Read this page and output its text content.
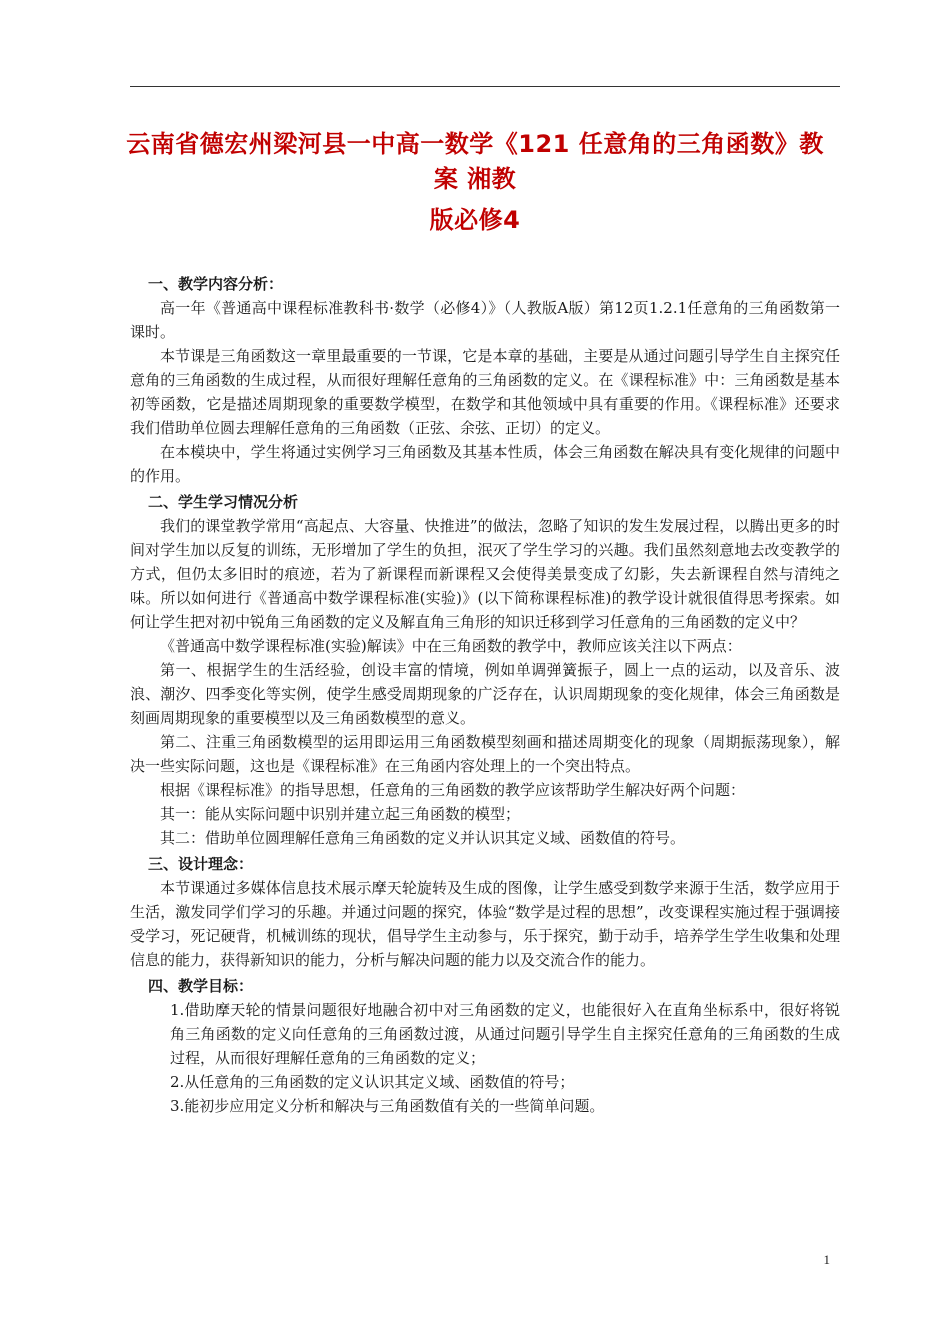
云南省德宏州梁河县一中高一数学《121 任意角的三角函数》教案 湘教
版必修4
一、教学内容分析：

高一年《普通高中课程标准教科书·数学（必修4）》（人教版A版）第12页1.2.1任意角的三角函数第一课时。

本节课是三角函数这一章里最重要的一节课，它是本章的基础，主要是从通过问题引导学生自主探究任意角的三角函数的生成过程，从而很好理解任意角的三角函数的定义。在《课程标准》中：三角函数是基本初等函数，它是描述周期现象的重要数学模型，在数学和其他领域中具有重要的作用。《课程标准》还要求我们借助单位圆去理解任意角的三角函数（正弦、余弦、正切）的定义。

在本模块中，学生将通过实例学习三角函数及其基本性质，体会三角函数在解决具有变化规律的问题中的作用。

二、学生学习情况分析

我们的课堂教学常用“高起点、大容量、快推进”的做法，忽略了知识的发生发展过程，以腾出更多的时间对学生加以反复的训练，无形增加了学生的负担，泯灭了学生学习的兴趣。我们虽然刻意地去改变教学的方式，但仍太多旧时的痕迹，若为了新课程而新课程又会使得美景变成了幻影，失去新课程自然与清纯之味。所以如何进行《普通高中数学课程标准(实验)》(以下简称课程标准)的教学设计就很值得思考探索。如何让学生把对初中锐角三角函数的定义及解直角三角形的知识迁移到学习任意角的三角函数的定义中？

《普通高中数学课程标准(实验)解读》中在三角函数的教学中，教师应该关注以下两点：

第一、根据学生的生活经验，创设丰富的情境，例如单调弹簧振子，圆上一点的运动，以及音乐、波浪、潮汐、四季变化等实例，使学生感受周期现象的广泛存在，认识周期现象的变化规律，体会三角函数是刻画周期现象的重要模型以及三角函数模型的意义。

第二、注重三角函数模型的运用即运用三角函数模型刻画和描述周期变化的现象（周期振荡现象），解决一些实际问题，这也是《课程标准》在三角函内容处理上的一个突出特点。

根据《课程标准》的指导思想，任意角的三角函数的教学应该帮助学生解决好两个问题：

其一：能从实际问题中识别并建立起三角函数的模型；

其二：借助单位圆理解任意角三角函数的定义并认识其定义域、函数值的符号。

三、设计理念：

本节课通过多媒体信息技术展示摩天轮旋转及生成的图像，让学生感受到数学来源于生活，数学应用于生活，激发同学们学习的乐趣。并通过问题的探究，体验“数学是过程的思想”，改变课程实施过程于强调接受学习，死记硬背，机械训练的现状，倡导学生主动参与，乐于探究，勤于动手，培养学生学生收集和处理信息的能力，获得新知识的能力，分析与解决问题的能力以及交流合作的能力。

四、教学目标：
1.借助摩天轮的情景问题很好地融合初中对三角函数的定义，也能很好入在直角坐标系中，很好将锐角三角函数的定义向任意角的三角函数过渡，从通过问题引导学生自主探究任意角的三角函数的生成过程，从而很好理解任意角的三角函数的定义；
2.从任意角的三角函数的定义认识其定义域、函数值的符号；
3.能初步应用定义分析和解决与三角函数值有关的一些简单问题。
1
